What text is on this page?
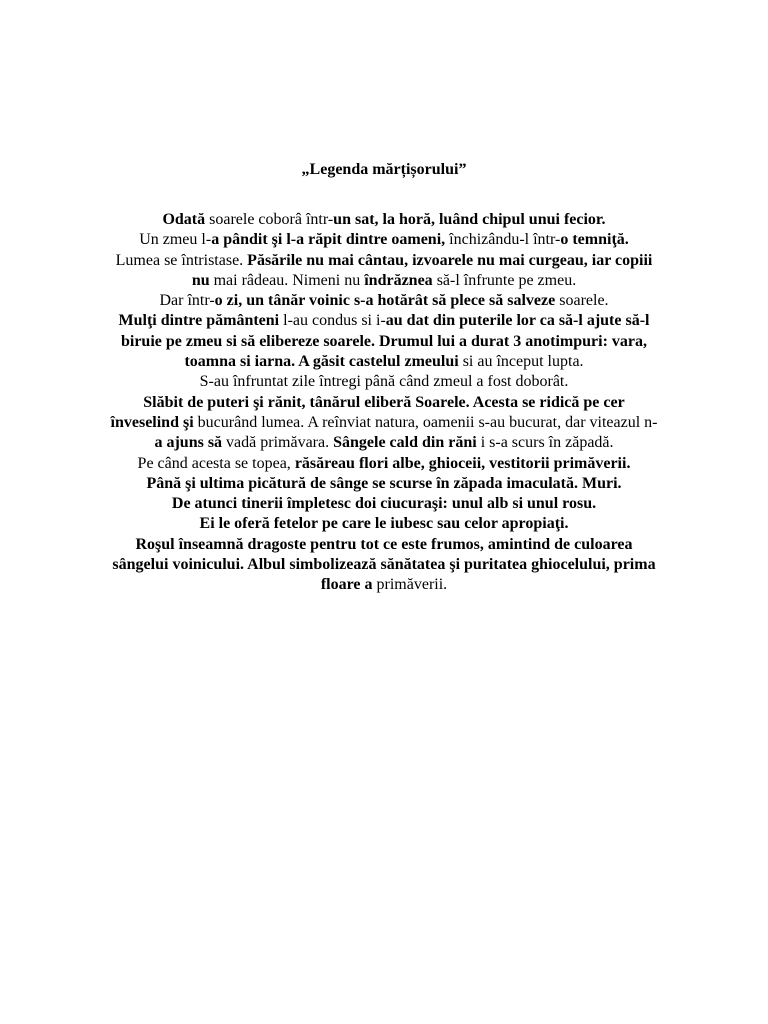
„Legenda mărțișorului”

Odată soarele coborâ într-un sat, la horă, luând chipul unui fecior.

Un zmeu l-a pândit şi l-a răpit dintre oameni, închizându-l într-o temniţă.

Lumea se întristase. Păsările nu mai cântau, izvoarele nu mai curgeau, iar copiii nu mai râdeau. Nimeni nu îndrăznea să-l înfrunte pe zmeu.

Dar într-o zi, un tânăr voinic s-a hotărât să plece să salveze soarele.

Mulţi dintre pământeni l-au condus si i-au dat din puterile lor ca să-l ajute să-l biruie pe zmeu si să elibereze soarele. Drumul lui a durat 3 anotimpuri: vara, toamna si iarna. A găsit castelul zmeului si au început lupta.

S-au înfruntat zile întregi până când zmeul a fost doborât.

Slăbit de puteri şi rănit, tânărul eliberă Soarele. Acesta se ridică pe cer înveselind şi bucurând lumea. A reînviat natura, oamenii s-au bucurat, dar viteazul n-a ajuns să vadă primăvara. Sângele cald din răni i s-a scurs în zăpadă.

Pe când acesta se topea, răsăreau flori albe, ghioceii, vestitorii primăverii.

Până şi ultima picătură de sânge se scurse în zăpada imaculată. Muri.

De atunci tinerii împletesc doi ciucuraşi: unul alb si unul rosu.

Ei le oferă fetelor pe care le iubesc sau celor apropiaţi.

Roşul înseamnă dragoste pentru tot ce este frumos, amintind de culoarea sângelui voinicului. Albul simbolizează sănătatea şi puritatea ghiocelului, prima floare a primăverii.
